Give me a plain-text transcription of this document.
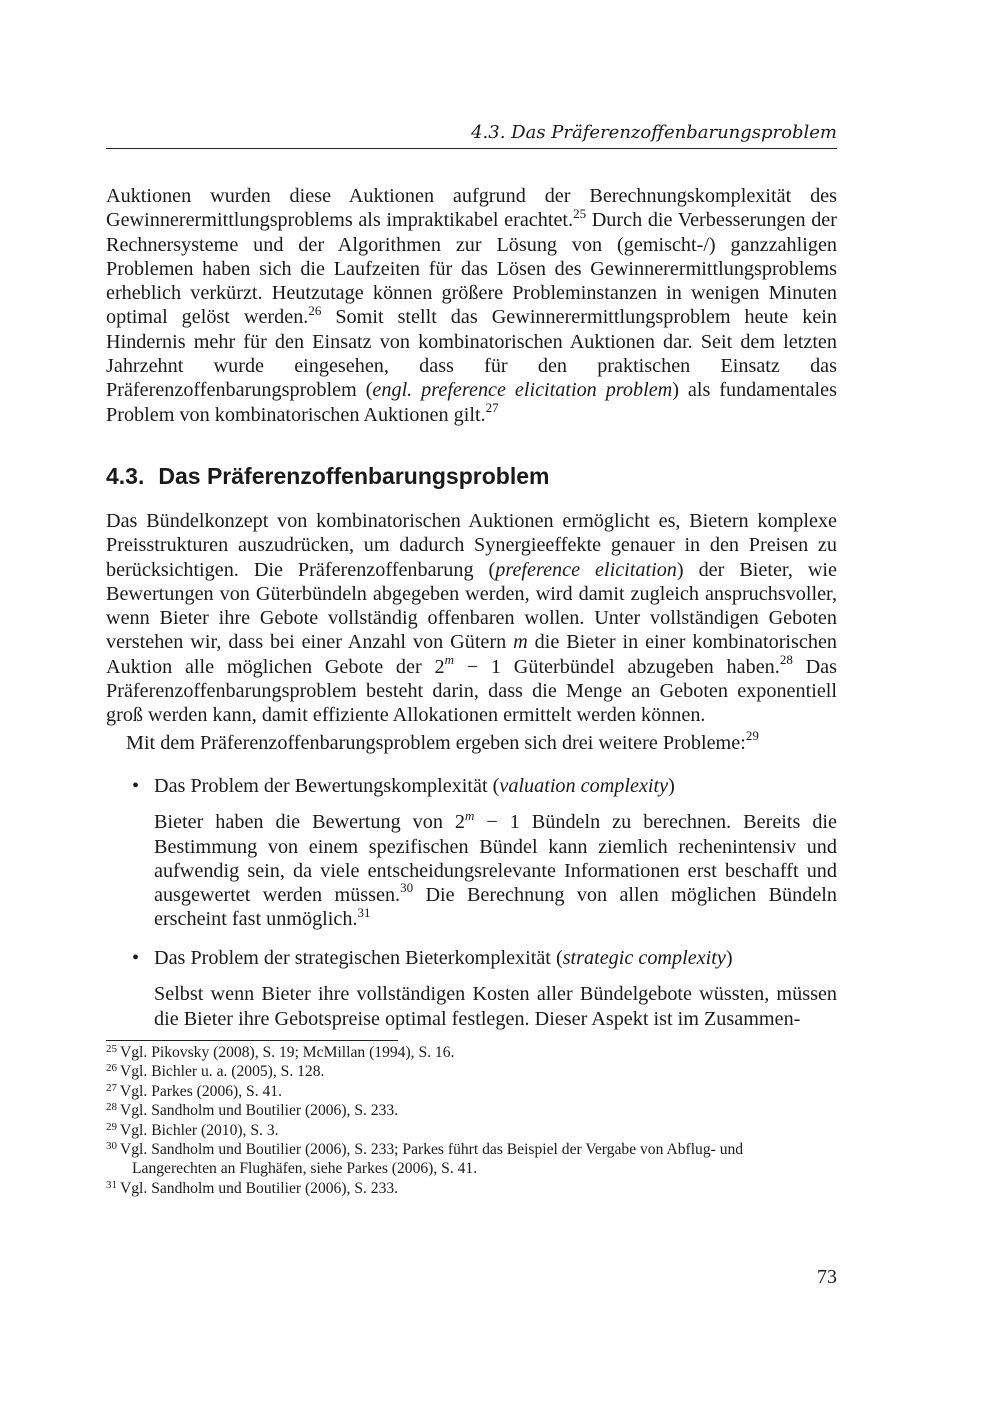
4.3. Das Präferenzoffenbarungsproblem
Auktionen wurden diese Auktionen aufgrund der Berechnungskomplexität des Gewinnerermittlungsproblems als impraktikabel erachtet.$^{25}$ Durch die Verbesserungen der Rechnersysteme und der Algorithmen zur Lösung von (gemischt-/) ganzzahligen Problemen haben sich die Laufzeiten für das Lösen des Gewinnerermittlungsproblems erheblich verkürzt. Heutzutage können größere Probleminstanzen in wenigen Minuten optimal gelöst werden.$^{26}$ Somit stellt das Gewinnerermittlungsproblem heute kein Hindernis mehr für den Einsatz von kombinatorischen Auktionen dar. Seit dem letzten Jahrzehnt wurde eingesehen, dass für den praktischen Einsatz das Präferenzoffenbarungsproblem (engl. preference elicitation problem) als fundamentales Problem von kombinatorischen Auktionen gilt.$^{27}$
4.3. Das Präferenzoffenbarungsproblem
Das Bündelkonzept von kombinatorischen Auktionen ermöglicht es, Bietern komplexe Preisstrukturen auszudrücken, um dadurch Synergieeffekte genauer in den Preisen zu berücksichtigen. Die Präferenzoffenbarung (preference elicitation) der Bieter, wie Bewertungen von Güterbündeln abgegeben werden, wird damit zugleich anspruchsvoller, wenn Bieter ihre Gebote vollständig offenbaren wollen. Unter vollständigen Geboten verstehen wir, dass bei einer Anzahl von Gütern m die Bieter in einer kombinatorischen Auktion alle möglichen Gebote der $2^m - 1$ Güterbündel abzugeben haben.$^{28}$ Das Präferenzoffenbarungsproblem besteht darin, dass die Menge an Geboten exponentiell groß werden kann, damit effiziente Allokationen ermittelt werden können.
Mit dem Präferenzoffenbarungsproblem ergeben sich drei weitere Probleme:$^{29}$
• Das Problem der Bewertungskomplexität (valuation complexity)
Bieter haben die Bewertung von $2^m - 1$ Bündeln zu berechnen. Bereits die Bestimmung von einem spezifischen Bündel kann ziemlich rechenintensiv und aufwendig sein, da viele entscheidungsrelevante Informationen erst beschafft und ausgewertet werden müssen.$^{30}$ Die Berechnung von allen möglichen Bündeln erscheint fast unmöglich.$^{31}$
• Das Problem der strategischen Bieterkomplexität (strategic complexity)
Selbst wenn Bieter ihre vollständigen Kosten aller Bündelgebote wüssten, müssen die Bieter ihre Gebotspreise optimal festlegen. Dieser Aspekt ist im Zusammen-
25 Vgl. Pikovsky (2008), S. 19; McMillan (1994), S. 16.
26 Vgl. Bichler u. a. (2005), S. 128.
27 Vgl. Parkes (2006), S. 41.
28 Vgl. Sandholm und Boutilier (2006), S. 233.
29 Vgl. Bichler (2010), S. 3.
30 Vgl. Sandholm und Boutilier (2006), S. 233; Parkes führt das Beispiel der Vergabe von Abflug- und
Langerechten an Flughäfen, siehe Parkes (2006), S. 41.
31 Vgl. Sandholm und Boutilier (2006), S. 233.
73
